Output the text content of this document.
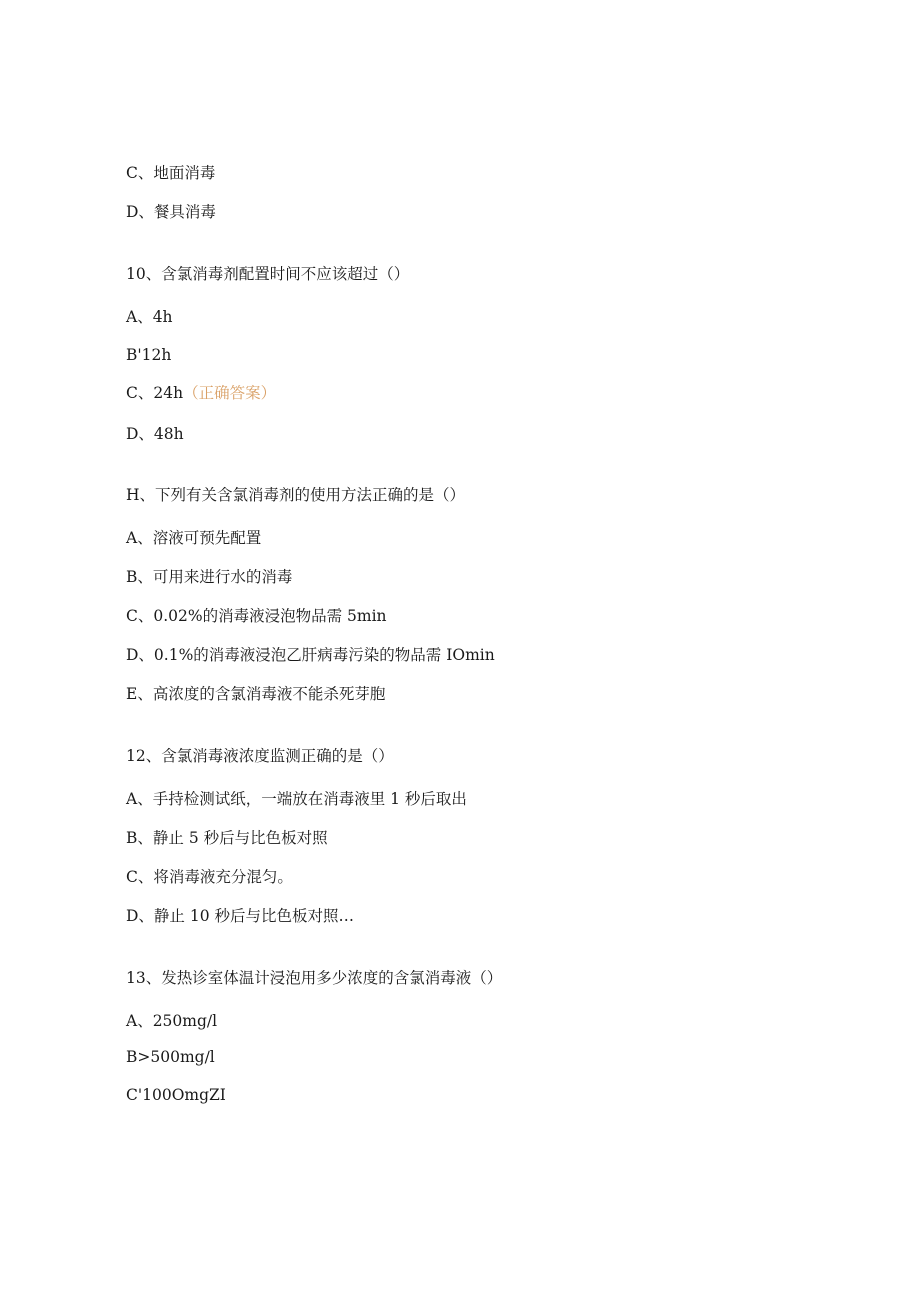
C、地面消毒
D、餐具消毒
10、含氯消毒剂配置时间不应该超过（）
A、4h
B'12h
C、24h（正确答案）
D、48h
H、下列有关含氯消毒剂的使用方法正确的是（）
A、溶液可预先配置
B、可用来进行水的消毒
C、0.02%的消毒液浸泡物品需 5min
D、0.1%的消毒液浸泡乙肝病毒污染的物品需 IOmin
E、高浓度的含氯消毒液不能杀死芽胞
12、含氯消毒液浓度监测正确的是（）
A、手持检测试纸，一端放在消毒液里 1 秒后取出
B、静止 5 秒后与比色板对照
C、将消毒液充分混匀。
D、静止 10 秒后与比色板对照…
13、发热诊室体温计浸泡用多少浓度的含氯消毒液（）
A、250mg∕l
B>500mg∕l
C'100OmgZI
